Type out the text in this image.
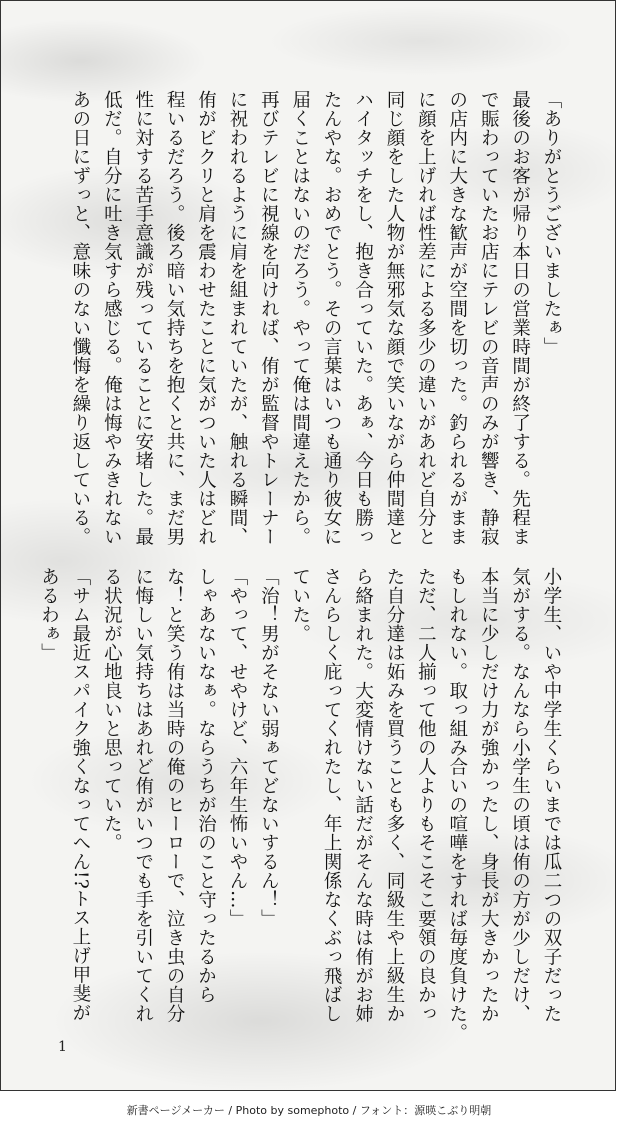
「ありがとうございましたぁ」

最後のお客が帰り本日の営業時間が終了する。先程ま

で賑わっていたお店にテレビの音声のみが響き、静寂

の店内に大きな歓声が空間を切った。釣られるがまま

に顔を上げれば性差による多少の違いがあれど自分と

同じ顔をした人物が無邪気な顔で笑いながら仲間達と

ハイタッチをし、抱き合っていた。あぁ、今日も勝っ

たんやな。おめでとう。その言葉はいつも通り彼女に

届くことはないのだろう。やって俺は間違えたから。

再びテレビに視線を向ければ、侑が監督やトレーナー

に祝われるように肩を組まれていたが、触れる瞬間、

侑がビクリと肩を震わせたことに気がついた人はどれ

程いるだろう。後ろ暗い気持ちを抱くと共に、まだ男

性に対する苦手意識が残っていることに安堵した。最

低だ。自分に吐き気すら感じる。俺は悔やみきれない

あの日にずっと、意味のない懺悔を繰り返している。

小学生、いや中学生くらいまでは瓜二つの双子だった

気がする。なんなら小学生の頃は侑の方が少しだけ、

本当に少しだけ力が強かったし、身長が大きかったか

もしれない。取っ組み合いの喧嘩をすれば毎度負けた。

ただ、二人揃って他の人よりもそこそこ要領の良かっ

た自分達は妬みを買うことも多く、同級生や上級生か

ら絡まれた。大変情けない話だがそんな時は侑がお姉

さんらしく庇ってくれたし、年上関係なくぶっ飛ばし

ていた。

「治！男がそない弱ぁてどないするん！」

「やって、せやけど、六年生怖いやん…」

しゃあないなぁ。ならうちが治のこと守ったるから

な！と笑う侑は当時の俺のヒーローで、泣き虫の自分

に悔しい気持ちはあれど侑がいつでも手を引いてくれ

る状況が心地良いと思っていた。

「サム最近スパイク強くなってへん!?トス上げ甲斐が

あるわぁ」

1
新書ページメーカー / Photo by somephoto / フォント：源暎こぶり明朝
